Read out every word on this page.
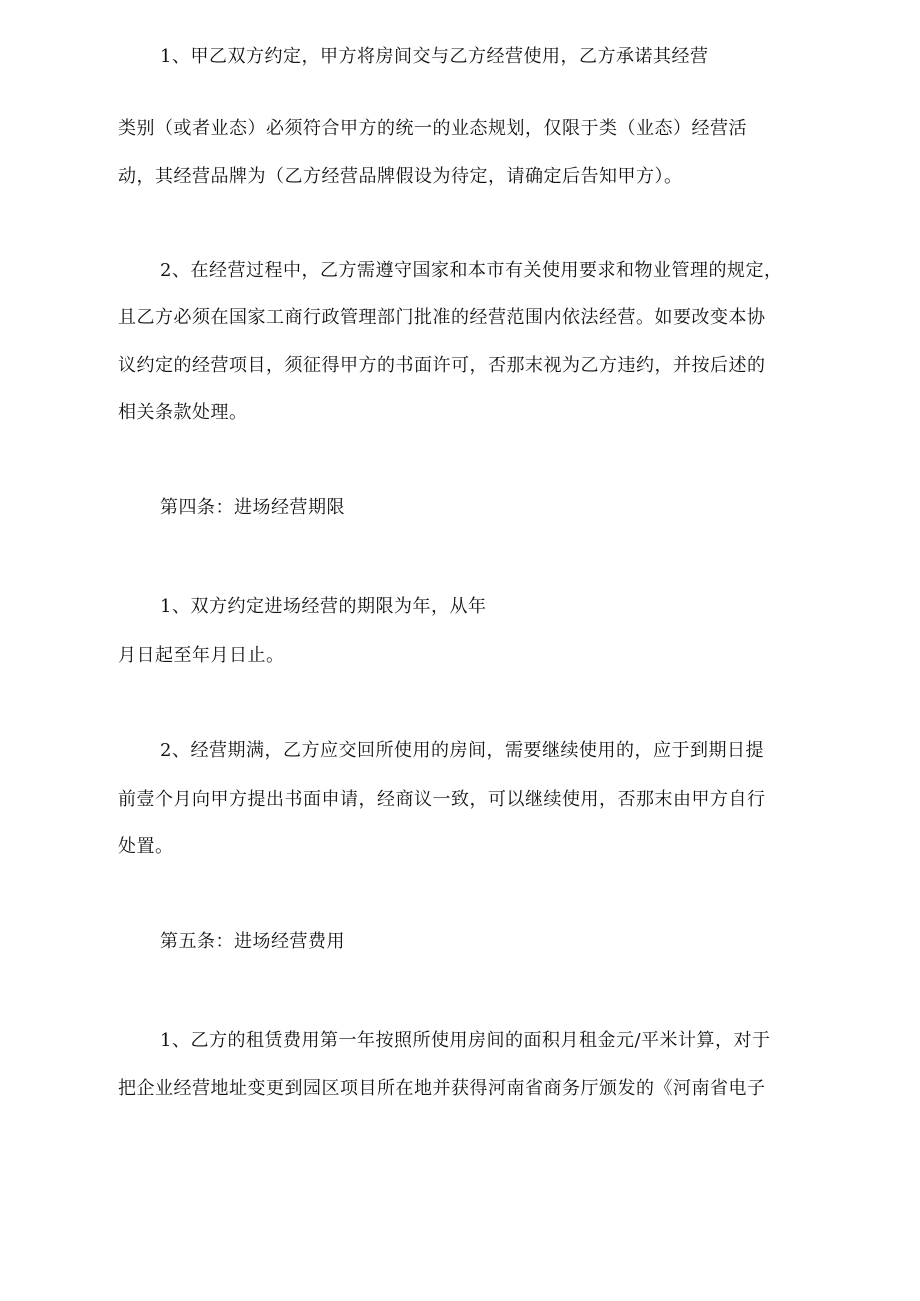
1、甲乙双方约定，甲方将房间交与乙方经营使用，乙方承诺其经营
类别（或者业态）必须符合甲方的统一的业态规划，仅限于类（业态）经营活
动，其经营品牌为（乙方经营品牌假设为待定，请确定后告知甲方）。
2、在经营过程中，乙方需遵守国家和本市有关使用要求和物业管理的规定，
且乙方必须在国家工商行政管理部门批准的经营范围内依法经营。如要改变本协
议约定的经营项目，须征得甲方的书面许可，否那末视为乙方违约，并按后述的
相关条款处理。
第四条：进场经营期限
1、双方约定进场经营的期限为年，从年
月日起至年月日止。
2、经营期满，乙方应交回所使用的房间，需要继续使用的，应于到期日提
前壹个月向甲方提出书面申请，经商议一致，可以继续使用，否那末由甲方自行
处置。
第五条：进场经营费用
1、乙方的租赁费用第一年按照所使用房间的面积月租金元/平米计算，对于
把企业经营地址变更到园区项目所在地并获得河南省商务厅颁发的《河南省电子
